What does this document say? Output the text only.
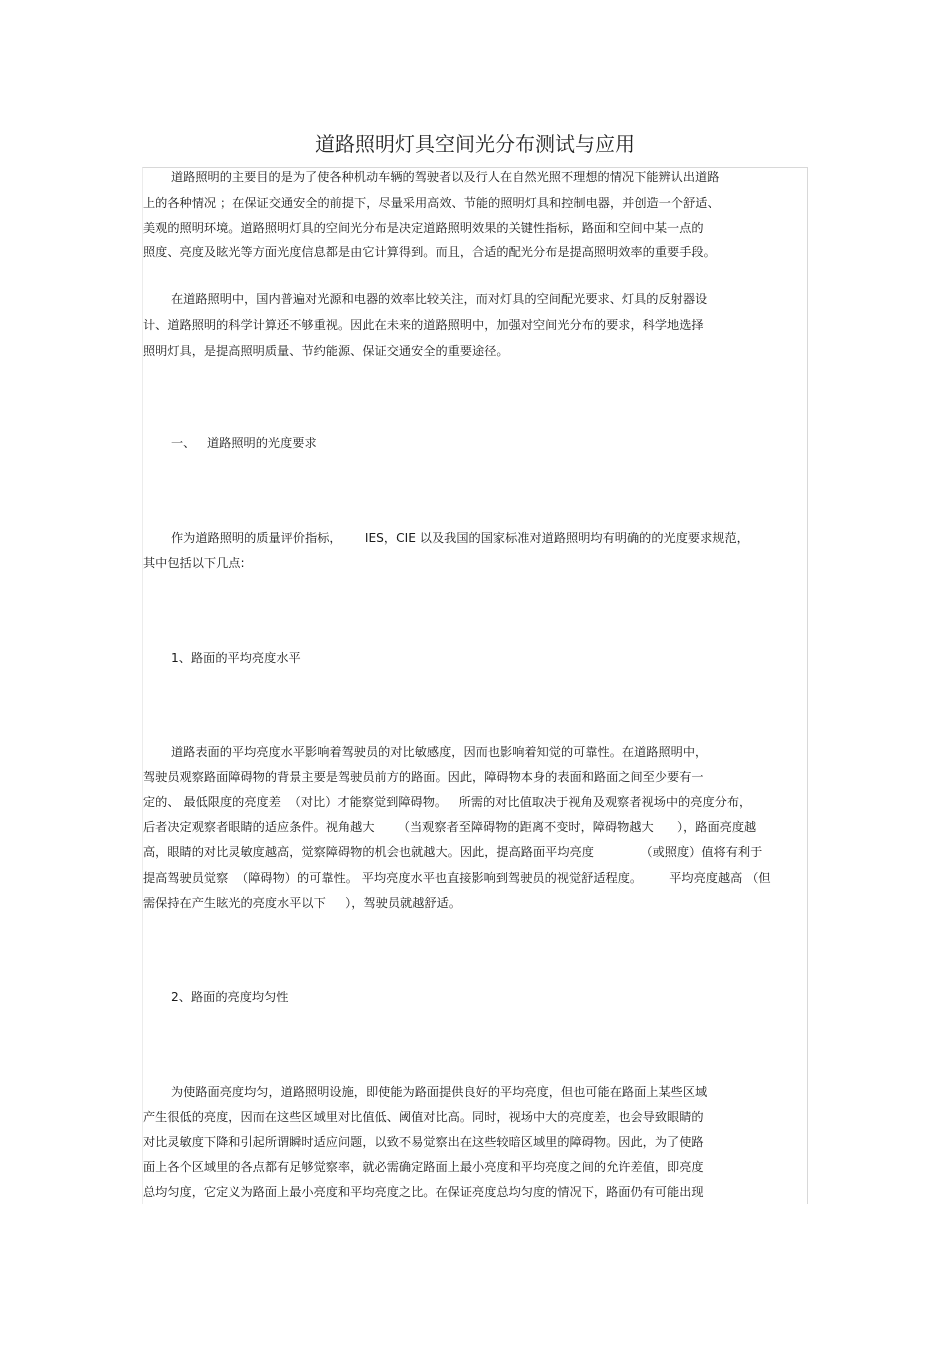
道路照明灯具空间光分布测试与应用
道路照明的主要目的是为了使各种机动车辆的驾驶者以及行人在自然光照不理想的情况下能辨认出道路
上的各种情况 ；在保证交通安全的前提下，尽量采用高效、节能的照明灯具和控制电器，并创造一个舒适、
美观的照明环境。道路照明灯具的空间光分布是决定道路照明效果的关键性指标，路面和空间中某一点的
照度、亮度及眩光等方面光度信息都是由它计算得到。而且，合适的配光分布是提高照明效率的重要手段。
在道路照明中，国内普遍对光源和电器的效率比较关注，而对灯具的空间配光要求、灯具的反射器设
计、道路照明的科学计算还不够重视。因此在未来的道路照明中，加强对空间光分布的要求，科学地选择
照明灯具，是提高照明质量、节约能源、保证交通安全的重要途径。
一、   道路照明的光度要求
作为道路照明的质量评价指标，      IES，CIE 以及我国的国家标准对道路照明均有明确的的光度要求规范，
其中包括以下几点:
1、路面的平均亮度水平
道路表面的平均亮度水平影响着驾驶员的对比敏感度，因而也影响着知觉的可靠性。在道路照明中，
驾驶员观察路面障碍物的背景主要是驾驶员前方的路面。因此，障碍物本身的表面和路面之间至少要有一
定的、 最低限度的亮度差  （对比）才能察觉到障碍物。   所需的对比值取决于视角及观察者视场中的亮度分布，
后者决定观察者眼睛的适应条件。视角越大      （当观察者至障碍物的距离不变时，障碍物越大      ），路面亮度越
高，眼睛的对比灵敏度越高，觉察障碍物的机会也就越大。因此，提高路面平均亮度            （或照度）值将有利于
提高驾驶员觉察  （障碍物）的可靠性。 平均亮度水平也直接影响到驾驶员的视觉舒适程度。       平均亮度越高 （但
需保持在产生眩光的亮度水平以下     ），驾驶员就越舒适。
2、路面的亮度均匀性
为使路面亮度均匀，道路照明设施，即使能为路面提供良好的平均亮度，但也可能在路面上某些区域
产生很低的亮度，因而在这些区域里对比值低、阈值对比高。同时，视场中大的亮度差，也会导致眼睛的
对比灵敏度下降和引起所谓瞬时适应问题，以致不易觉察出在这些较暗区域里的障碍物。因此，为了使路
面上各个区域里的各点都有足够觉察率，就必需确定路面上最小亮度和平均亮度之间的允许差值，即亮度
总均匀度，它定义为路面上最小亮度和平均亮度之比。在保证亮度总均匀度的情况下，路面仍有可能出现
